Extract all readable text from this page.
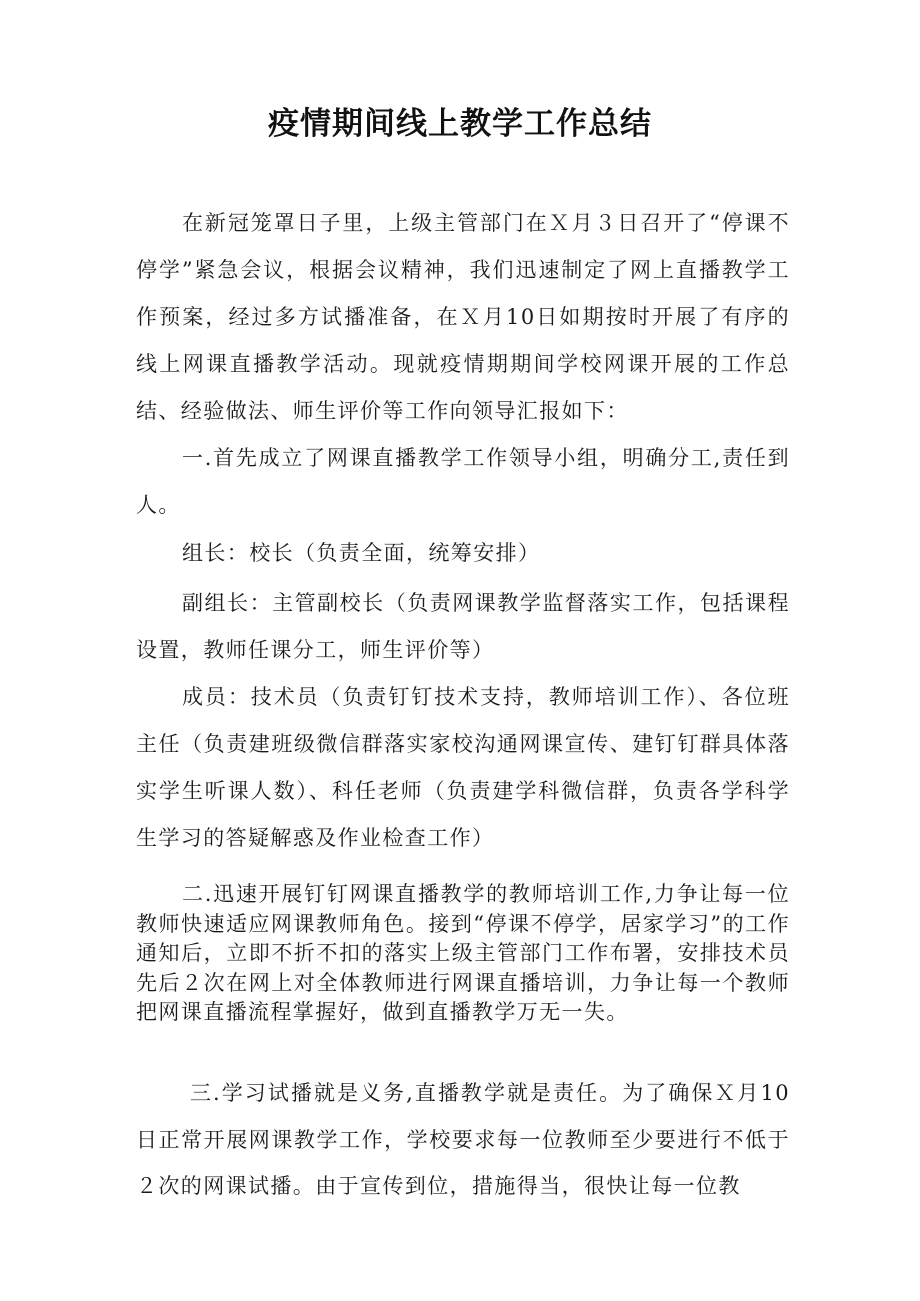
疫情期间线上教学工作总结

在新冠笼罩日子里，上级主管部门在Ｘ月３日召开了“停课不停学”紧急会议，根据会议精神，我们迅速制定了网上直播教学工作预案，经过多方试播准备，在Ｘ月10日如期按时开展了有序的线上网课直播教学活动。现就疫情期期间学校网课开展的工作总结、经验做法、师生评价等工作向领导汇报如下：

一.首先成立了网课直播教学工作领导小组，明确分工,责任到人。

组长：校长（负责全面，统筹安排）

副组长：主管副校长（负责网课教学监督落实工作，包括课程设置，教师任课分工，师生评价等）

成员：技术员（负责钉钉技术支持，教师培训工作）、各位班主任（负责建班级微信群落实家校沟通网课宣传、建钉钉群具体落实学生听课人数）、科任老师（负责建学科微信群，负责各学科学生学习的答疑解惑及作业检查工作）

二.迅速开展钉钉网课直播教学的教师培训工作,力争让每一位教师快速适应网课教师角色。接到“停课不停学，居家学习”的工作通知后，立即不折不扣的落实上级主管部门工作布署，安排技术员先后２次在网上对全体教师进行网课直播培训，力争让每一个教师把网课直播流程掌握好，做到直播教学万无一失。

三.学习试播就是义务,直播教学就是责任。为了确保Ｘ月10日正常开展网课教学工作，学校要求每一位教师至少要进行不低于２次的网课试播。由于宣传到位，措施得当，很快让每一位教
